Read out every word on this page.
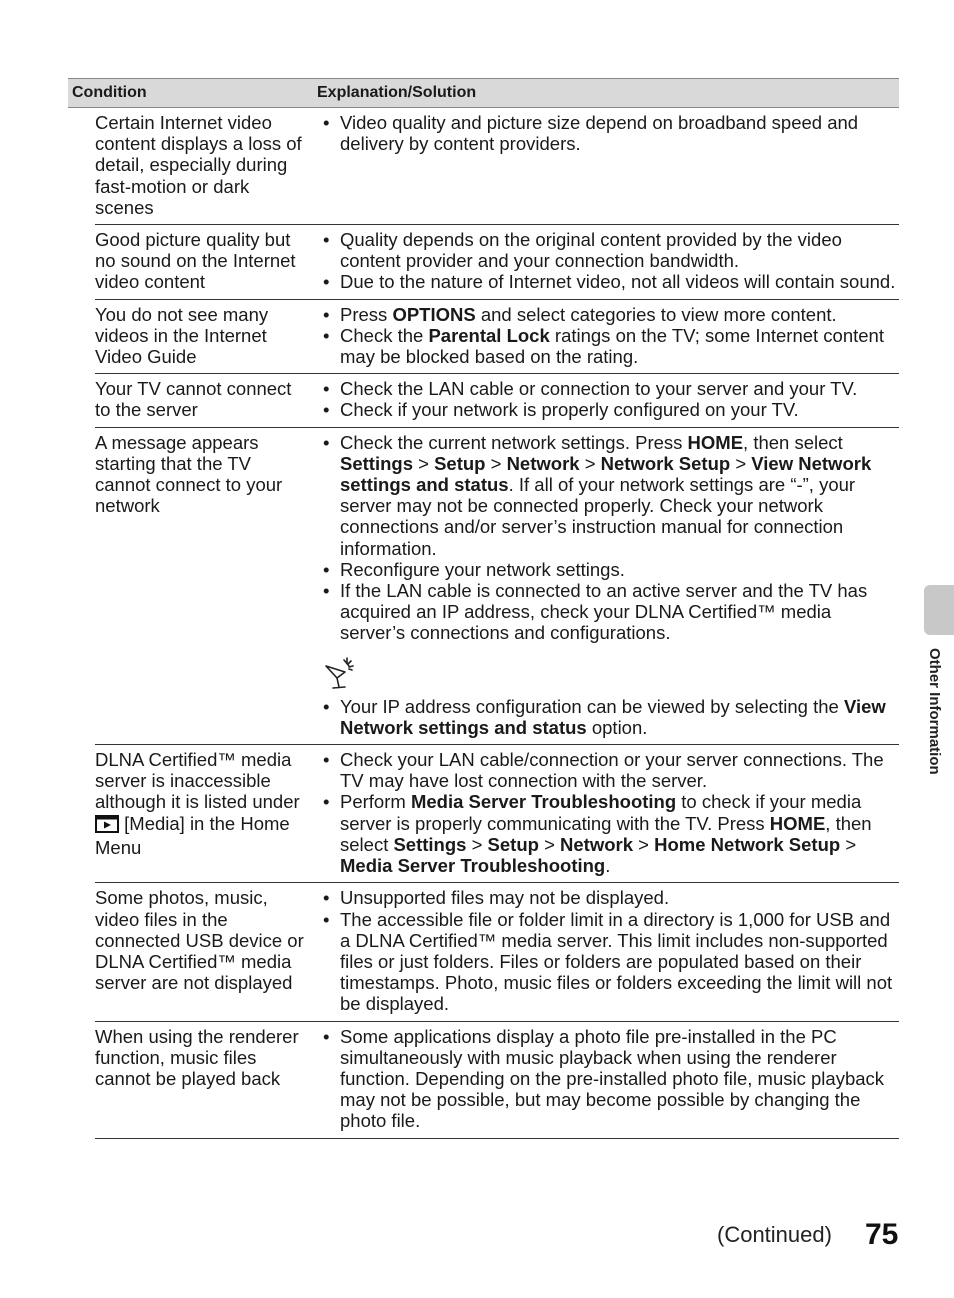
Condition	Explanation/Solution
Certain Internet video content displays a loss of detail, especially during fast-motion or dark scenes
• Video quality and picture size depend on broadband speed and delivery by content providers.
Good picture quality but no sound on the Internet video content
• Quality depends on the original content provided by the video content provider and your connection bandwidth.
• Due to the nature of Internet video, not all videos will contain sound.
You do not see many videos in the Internet Video Guide
• Press OPTIONS and select categories to view more content.
• Check the Parental Lock ratings on the TV; some Internet content may be blocked based on the rating.
Your TV cannot connect to the server
• Check the LAN cable or connection to your server and your TV.
• Check if your network is properly configured on your TV.
A message appears starting that the TV cannot connect to your network
• Check the current network settings. Press HOME, then select Settings > Setup > Network > Network Setup > View Network settings and status. If all of your network settings are “-”, your server may not be connected properly. Check your network connections and/or server’s instruction manual for connection information.
• Reconfigure your network settings.
• If the LAN cable is connected to an active server and the TV has acquired an IP address, check your DLNA Certified™ media server’s connections and configurations.
• Your IP address configuration can be viewed by selecting the View Network settings and status option.
DLNA Certified™ media server is inaccessible although it is listed under  [Media] in the Home Menu
• Check your LAN cable/connection or your server connections. The TV may have lost connection with the server.
• Perform Media Server Troubleshooting to check if your media server is properly communicating with the TV. Press HOME, then select Settings > Setup > Network > Home Network Setup > Media Server Troubleshooting.
Some photos, music, video files in the connected USB device or DLNA Certified™ media server are not displayed
• Unsupported files may not be displayed.
• The accessible file or folder limit in a directory is 1,000 for USB and a DLNA Certified™ media server. This limit includes non-supported files or just folders. Files or folders are populated based on their timestamps. Photo, music files or folders exceeding the limit will not be displayed.
When using the renderer function, music files cannot be played back
• Some applications display a photo file pre-installed in the PC simultaneously with music playback when using the renderer function. Depending on the pre-installed photo file, music playback may not be possible, but may become possible by changing the photo file.
Other Information
(Continued) 75
